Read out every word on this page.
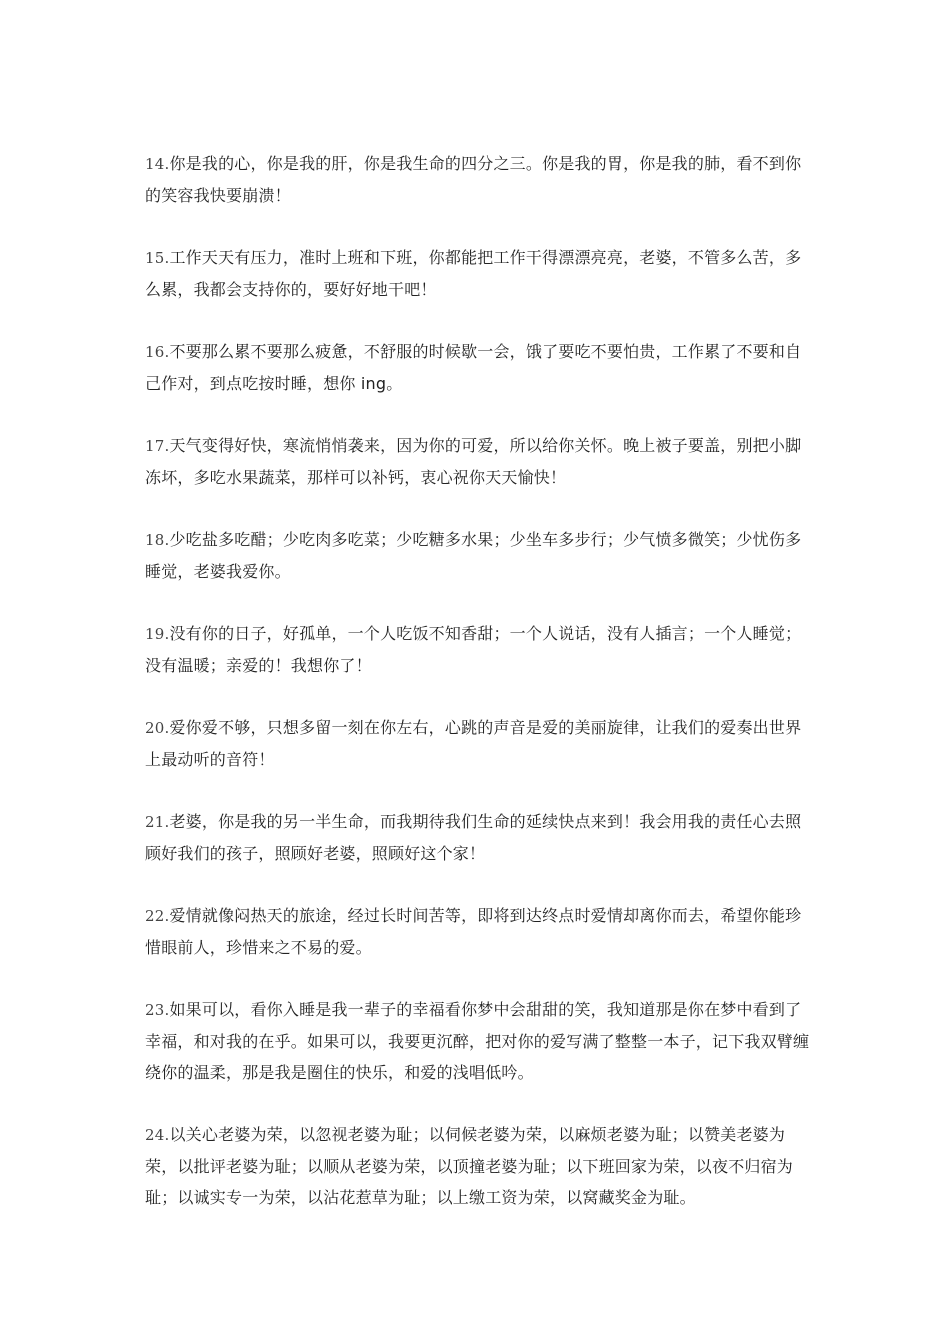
14.你是我的心，你是我的肝，你是我生命的四分之三。你是我的胃，你是我的肺，看不到你的笑容我快要崩溃！

15.工作天天有压力，准时上班和下班，你都能把工作干得漂漂亮亮，老婆，不管多么苦，多么累，我都会支持你的，要好好地干吧！

16.不要那么累不要那么疲惫，不舒服的时候歇一会，饿了要吃不要怕贵，工作累了不要和自己作对，到点吃按时睡，想你 ing。

17.天气变得好快，寒流悄悄袭来，因为你的可爱，所以给你关怀。晚上被子要盖，别把小脚冻坏，多吃水果蔬菜，那样可以补钙，衷心祝你天天愉快！

18.少吃盐多吃醋；少吃肉多吃菜；少吃糖多水果；少坐车多步行；少气愤多微笑；少忧伤多睡觉，老婆我爱你。

19.没有你的日子，好孤单，一个人吃饭不知香甜；一个人说话，没有人插言；一个人睡觉；没有温暖；亲爱的！我想你了！

20.爱你爱不够，只想多留一刻在你左右，心跳的声音是爱的美丽旋律，让我们的爱奏出世界上最动听的音符！

21.老婆，你是我的另一半生命，而我期待我们生命的延续快点来到！我会用我的责任心去照顾好我们的孩子，照顾好老婆，照顾好这个家！

22.爱情就像闷热天的旅途，经过长时间苦等，即将到达终点时爱情却离你而去，希望你能珍惜眼前人，珍惜来之不易的爱。

23.如果可以，看你入睡是我一辈子的幸福看你梦中会甜甜的笑，我知道那是你在梦中看到了幸福，和对我的在乎。如果可以，我要更沉醉，把对你的爱写满了整整一本子，记下我双臂缠绕你的温柔，那是我是圈住的快乐，和爱的浅唱低吟。

24.以关心老婆为荣，以忽视老婆为耻；以伺候老婆为荣，以麻烦老婆为耻；以赞美老婆为荣，以批评老婆为耻；以顺从老婆为荣，以顶撞老婆为耻；以下班回家为荣，以夜不归宿为耻；以诚实专一为荣，以沾花惹草为耻；以上缴工资为荣，以窝藏奖金为耻。
